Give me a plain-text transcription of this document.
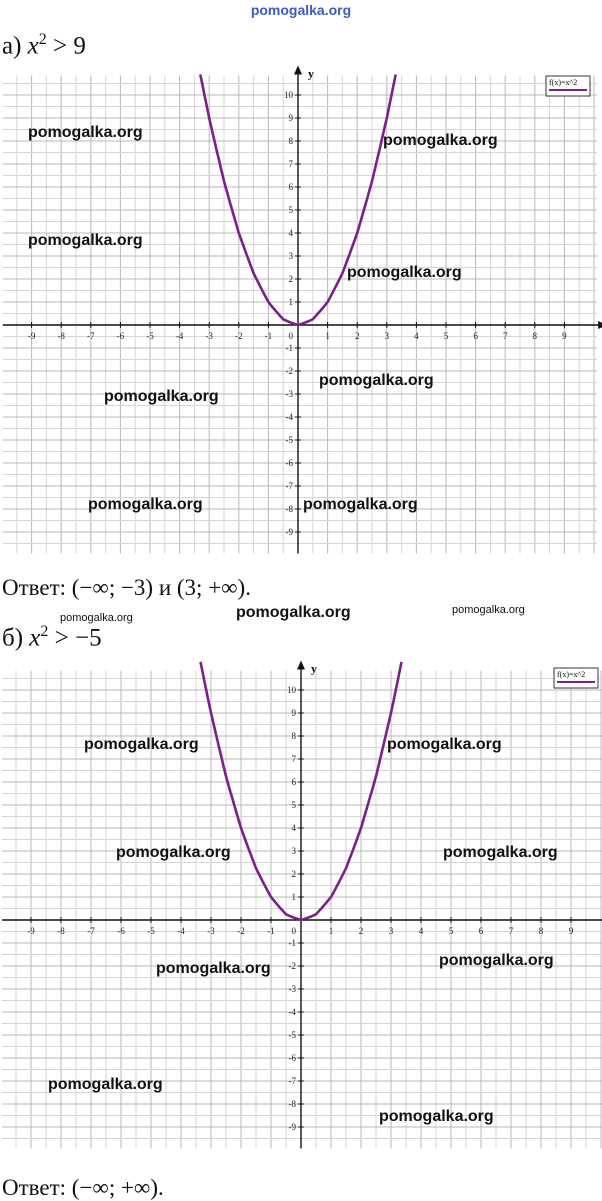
pomogalka.org
а) $x^2 > 9$
y
-9 -8 -7 -6 -5 -4 -3 -2 -1	1	2	3	4	5	6	7	8	9
-9
-8
-7
-6
-5
-4
-3
-2
-1
1
2
3
4
5
6
7
8
9
10
0
f(x)=x^2
Ответ: (−∞; −3) и (3; +∞).
б) $x^2 > -5$
y
-9	-8	-7	-6	-5	-4	-3	-2	-1	1	2	3	4	5	6	7	8	9
-9
-8
-7
-6
-5
-4
-3
-2
-1
1
2
3
4
5
6
7
8
9
10
0
f(x)=x^2
Ответ: (−∞; +∞).
pomogalka.org	pomogalka.org
pomogalka.org
pomogalka.org
pomogalka.org
pomogalka.org
pomogalka.org	pomogalka.org
pomogalka.org
pomogalka.org
pomogalka.org
pomogalka.org	pomogalka.org
pomogalka.org	pomogalka.org
pomogalka.org
pomogalka.org
pomogalka.org
pomogalka.org
